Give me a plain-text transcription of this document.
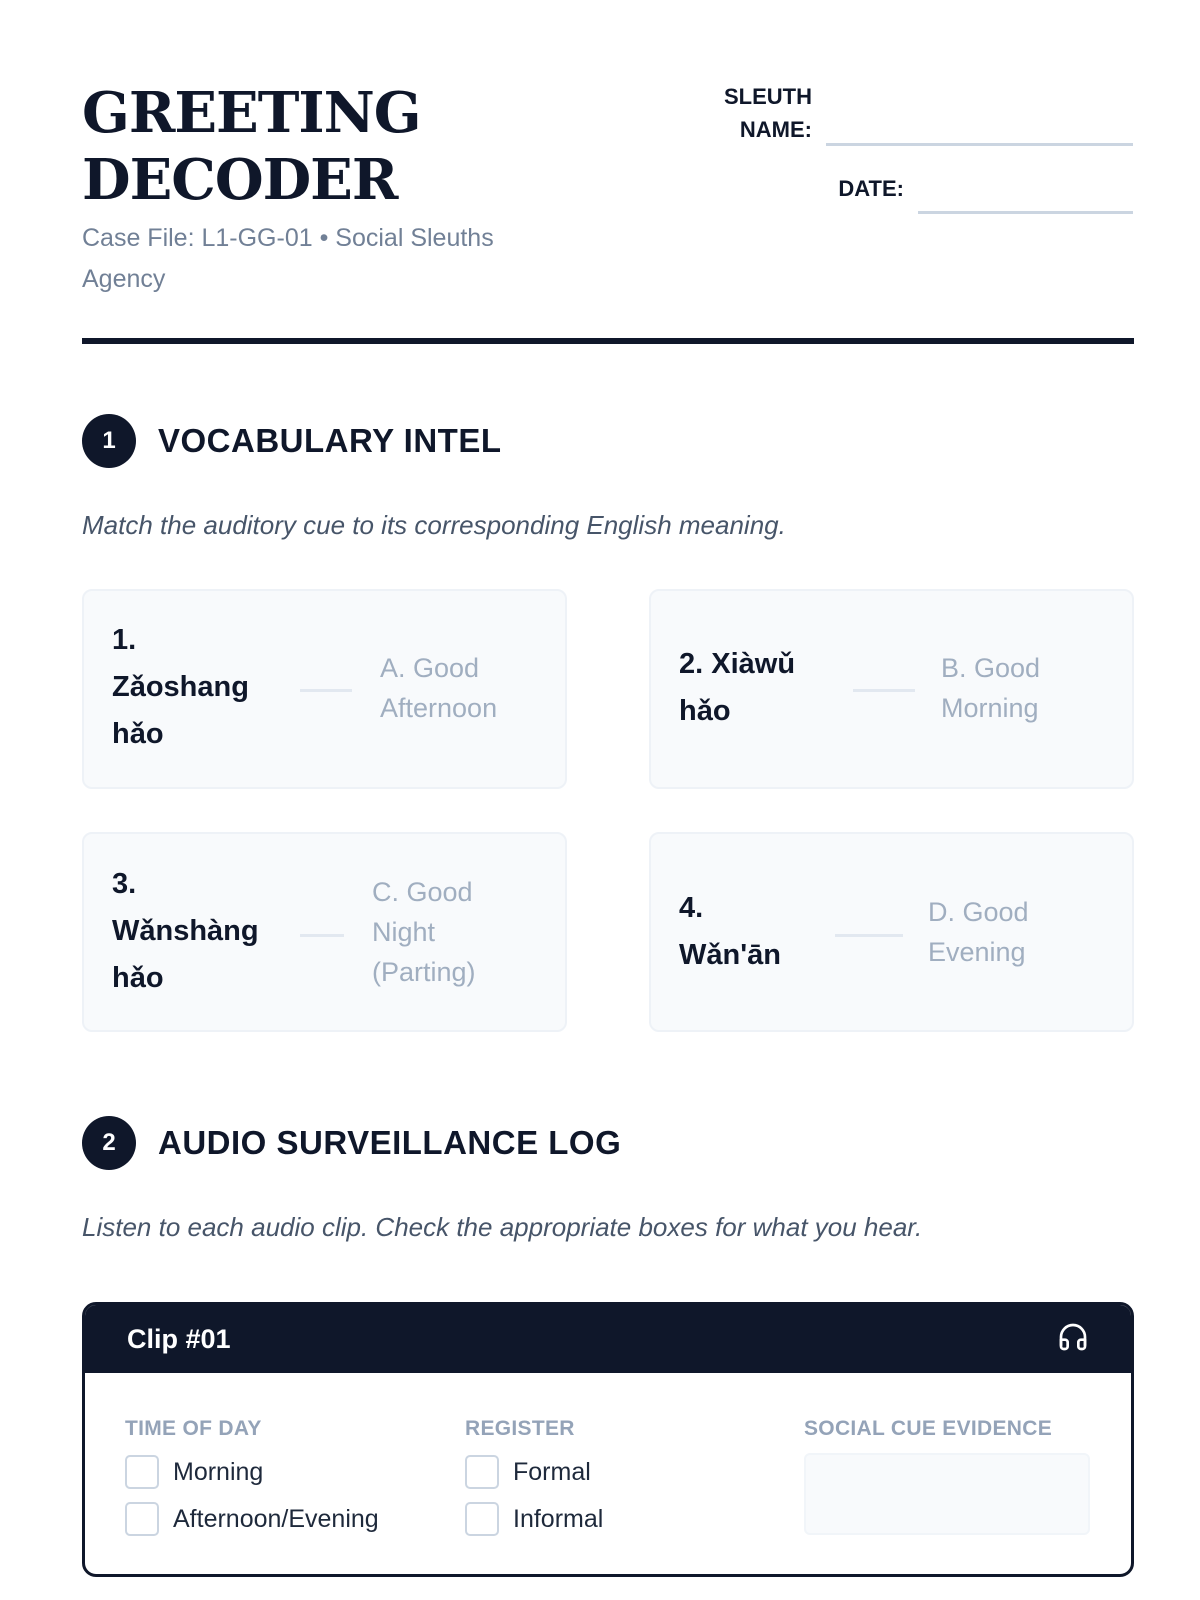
GREETING
DECODER
Case File: L1-GG-01 • Social Sleuths Agency
SLEUTH
NAME:
DATE:
1	VOCABULARY INTEL
Match the auditory cue to its corresponding English meaning.
1.
Zǎoshang
hǎo
A. Good
Afternoon
2. Xiàwǔ
hǎo
B. Good
Morning
3.
Wǎnshàng
hǎo
C. Good
Night
(Parting)
4.
Wǎn'ān
D. Good
Evening
2	AUDIO SURVEILLANCE LOG
Listen to each audio clip. Check the appropriate boxes for what you hear.
Clip #01
TIME OF DAY
Morning
Afternoon/Evening
REGISTER
Formal
Informal
SOCIAL CUE EVIDENCE
